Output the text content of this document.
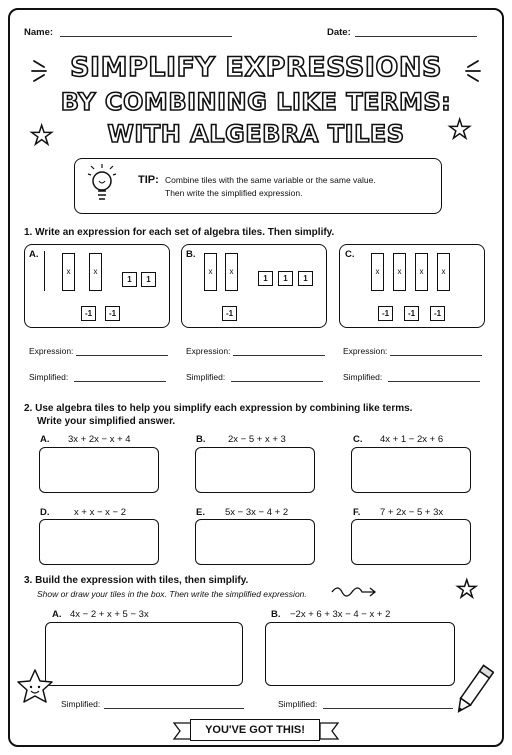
Name:	Date:
SIMPLIFY EXPRESSIONS
BY COMBINING LIKE TERMS:
WITH ALGEBRA TILES
★	★
TIP: Combine tiles with the same variable or the same value.
Then write the simplified expression.
1. Write an expression for each set of algebra tiles. Then simplify.
A.
x	x
1	1
-1	-1
B.
x	x
1	1	1
-1
C.
x	x	x	x
-1	-1	-1
Expression:	Expression:	Expression:
Simplified:	Simplified:	Simplified:
2. Use algebra tiles to help you simplify each expression by combining like terms.
Write your simplified answer.
A. 3x + 2x − x + 4	B. 2x − 5 + x + 3	C. 4x + 1 − 2x + 6
D.	x + x − x − 2	E. 5x − 3x − 4 + 2	F. 7 + 2x − 5 + 3x
3. Build the expression with tiles, then simplify.
Show or draw your tiles in the box. Then write the simplified expression.	★
A. 4x − 2 + x + 5 − 3x	B. −2x + 6 + 3x − 4 − x + 2
Simplified:	Simplified:
YOU'VE GOT THIS!
